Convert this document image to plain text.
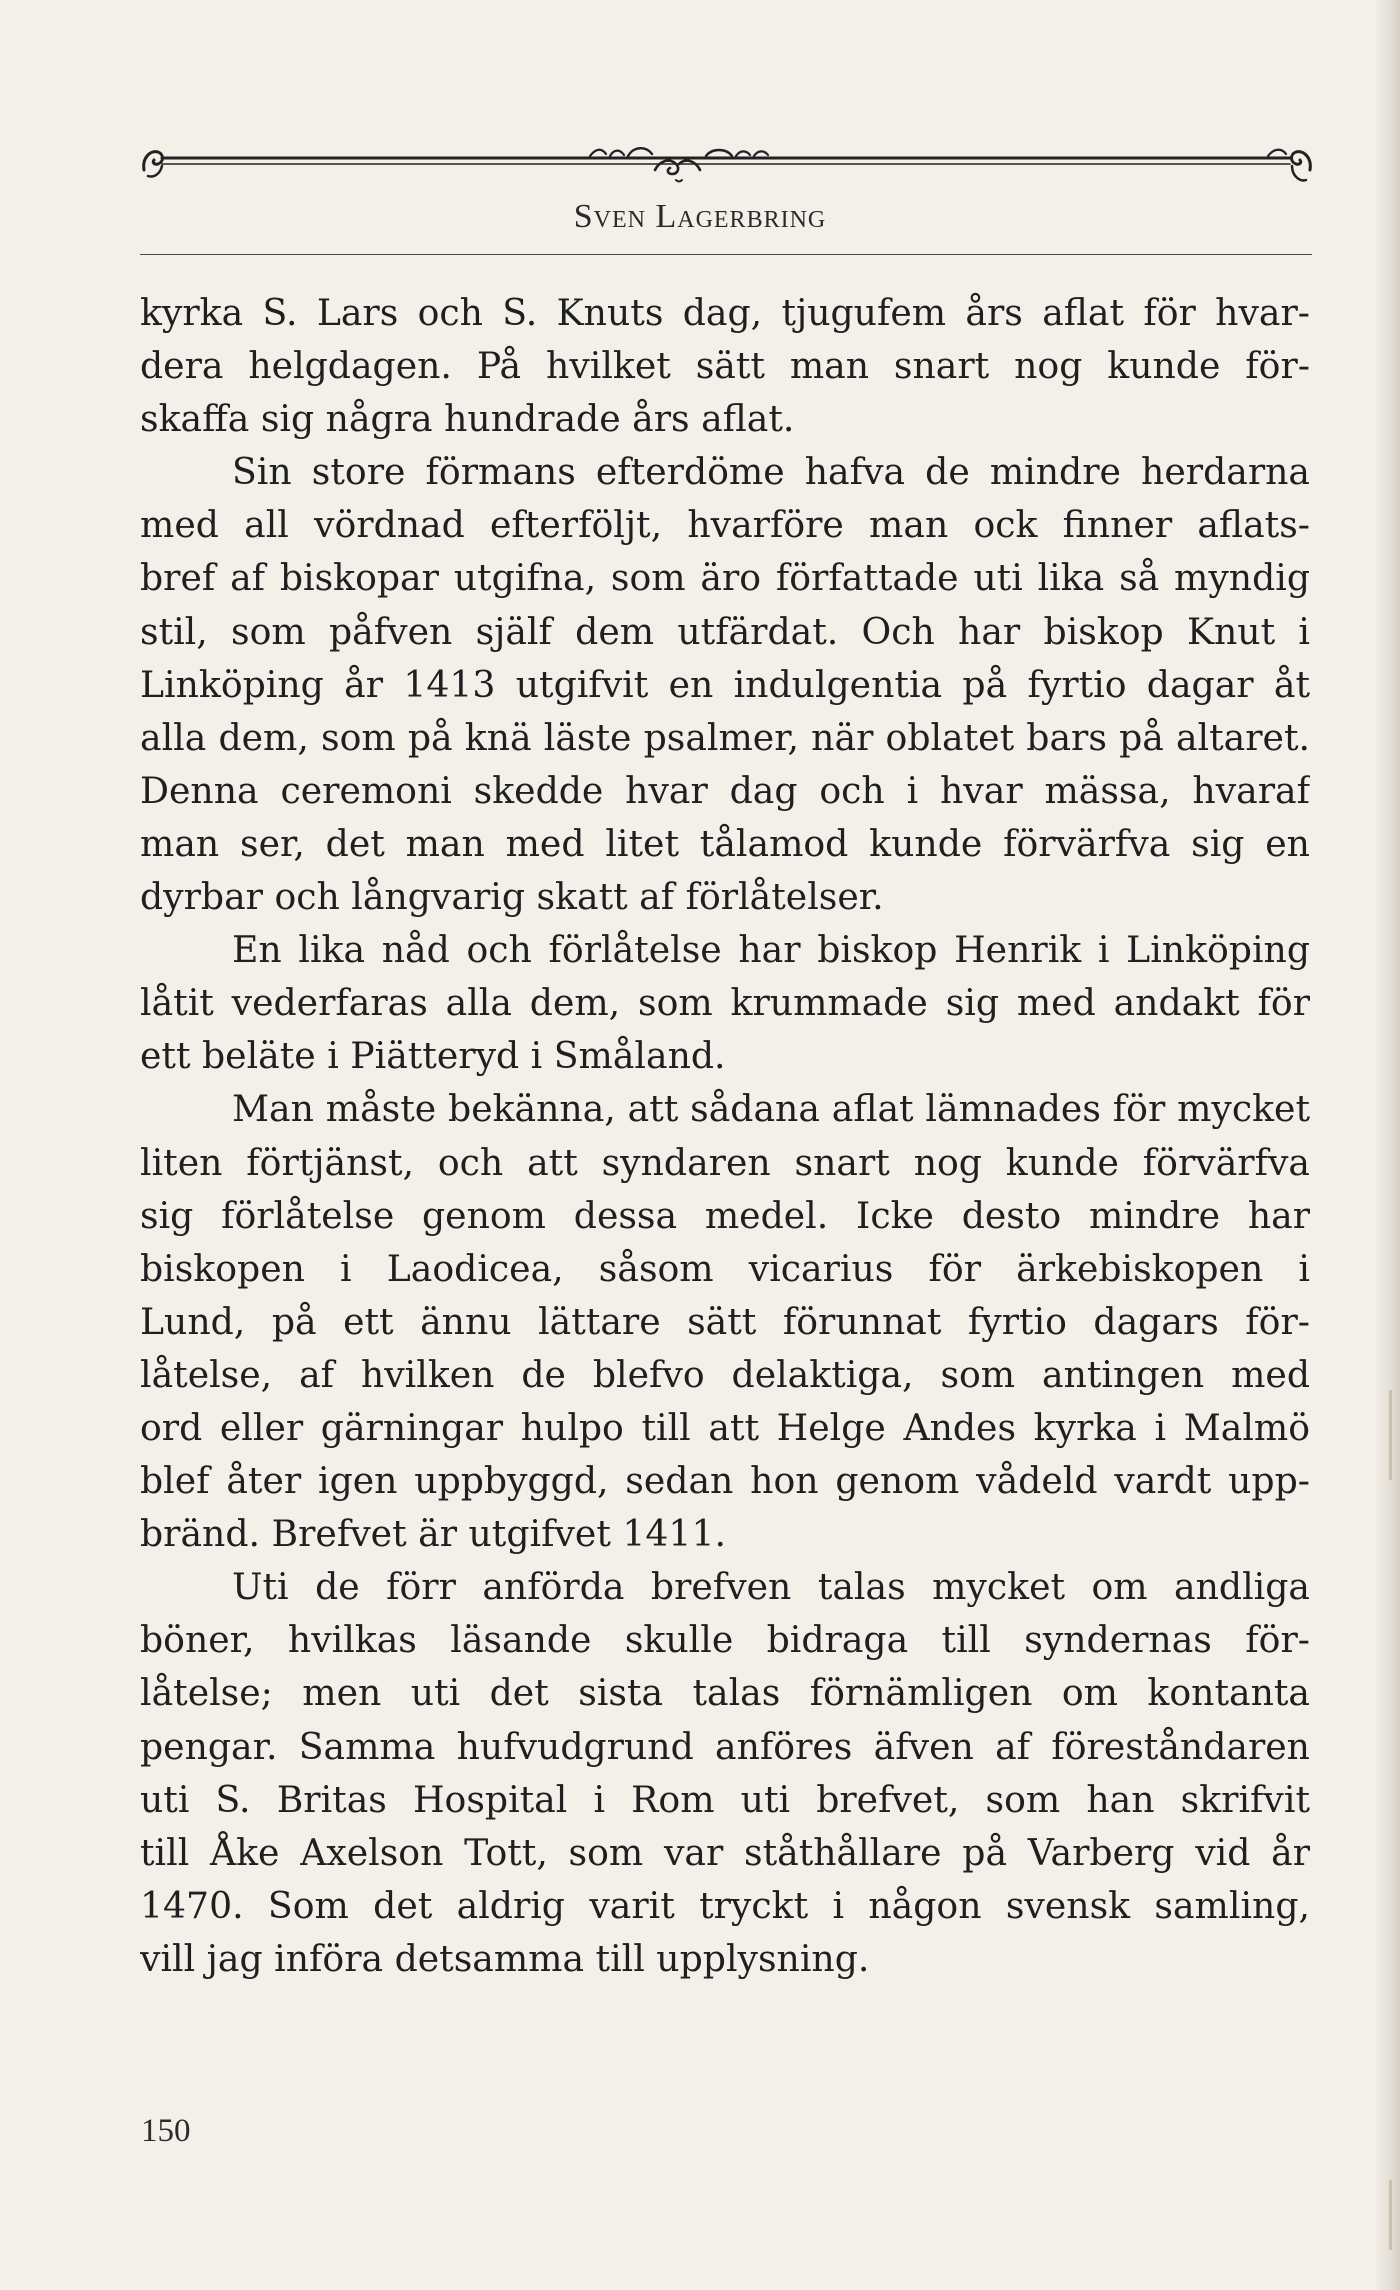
Sven Lagerbring
kyrka S. Lars och S. Knuts dag, tjugufem års aflat för hvar-
dera helgdagen. På hvilket sätt man snart nog kunde för-
skaffa sig några hundrade års aflat.
Sin store förmans efterdöme hafva de mindre herdarna
med all vördnad efterföljt, hvarföre man ock finner aflats-
bref af biskopar utgifna, som äro författade uti lika så myndig
stil, som påfven själf dem utfärdat. Och har biskop Knut i
Linköping år 1413 utgifvit en indulgentia på fyrtio dagar åt
alla dem, som på knä läste psalmer, när oblatet bars på altaret.
Denna ceremoni skedde hvar dag och i hvar mässa, hvaraf
man ser, det man med litet tålamod kunde förvärfva sig en
dyrbar och långvarig skatt af förlåtelser.
En lika nåd och förlåtelse har biskop Henrik i Linköping
låtit vederfaras alla dem, som krummade sig med andakt för
ett beläte i Piätteryd i Småland.
Man måste bekänna, att sådana aflat lämnades för mycket
liten förtjänst, och att syndaren snart nog kunde förvärfva
sig förlåtelse genom dessa medel. Icke desto mindre har
biskopen i Laodicea, såsom vicarius för ärkebiskopen i
Lund, på ett ännu lättare sätt förunnat fyrtio dagars för-
låtelse, af hvilken de blefvo delaktiga, som antingen med
ord eller gärningar hulpo till att Helge Andes kyrka i Malmö
blef åter igen uppbyggd, sedan hon genom vådeld vardt upp-
bränd. Brefvet är utgifvet 1411.
Uti de förr anförda brefven talas mycket om andliga
böner, hvilkas läsande skulle bidraga till syndernas för-
låtelse; men uti det sista talas förnämligen om kontanta
pengar. Samma hufvudgrund anföres äfven af föreståndaren
uti S. Britas Hospital i Rom uti brefvet, som han skrifvit
till Åke Axelson Tott, som var ståthållare på Varberg vid år
1470. Som det aldrig varit tryckt i någon svensk samling,
vill jag införa detsamma till upplysning.
150
